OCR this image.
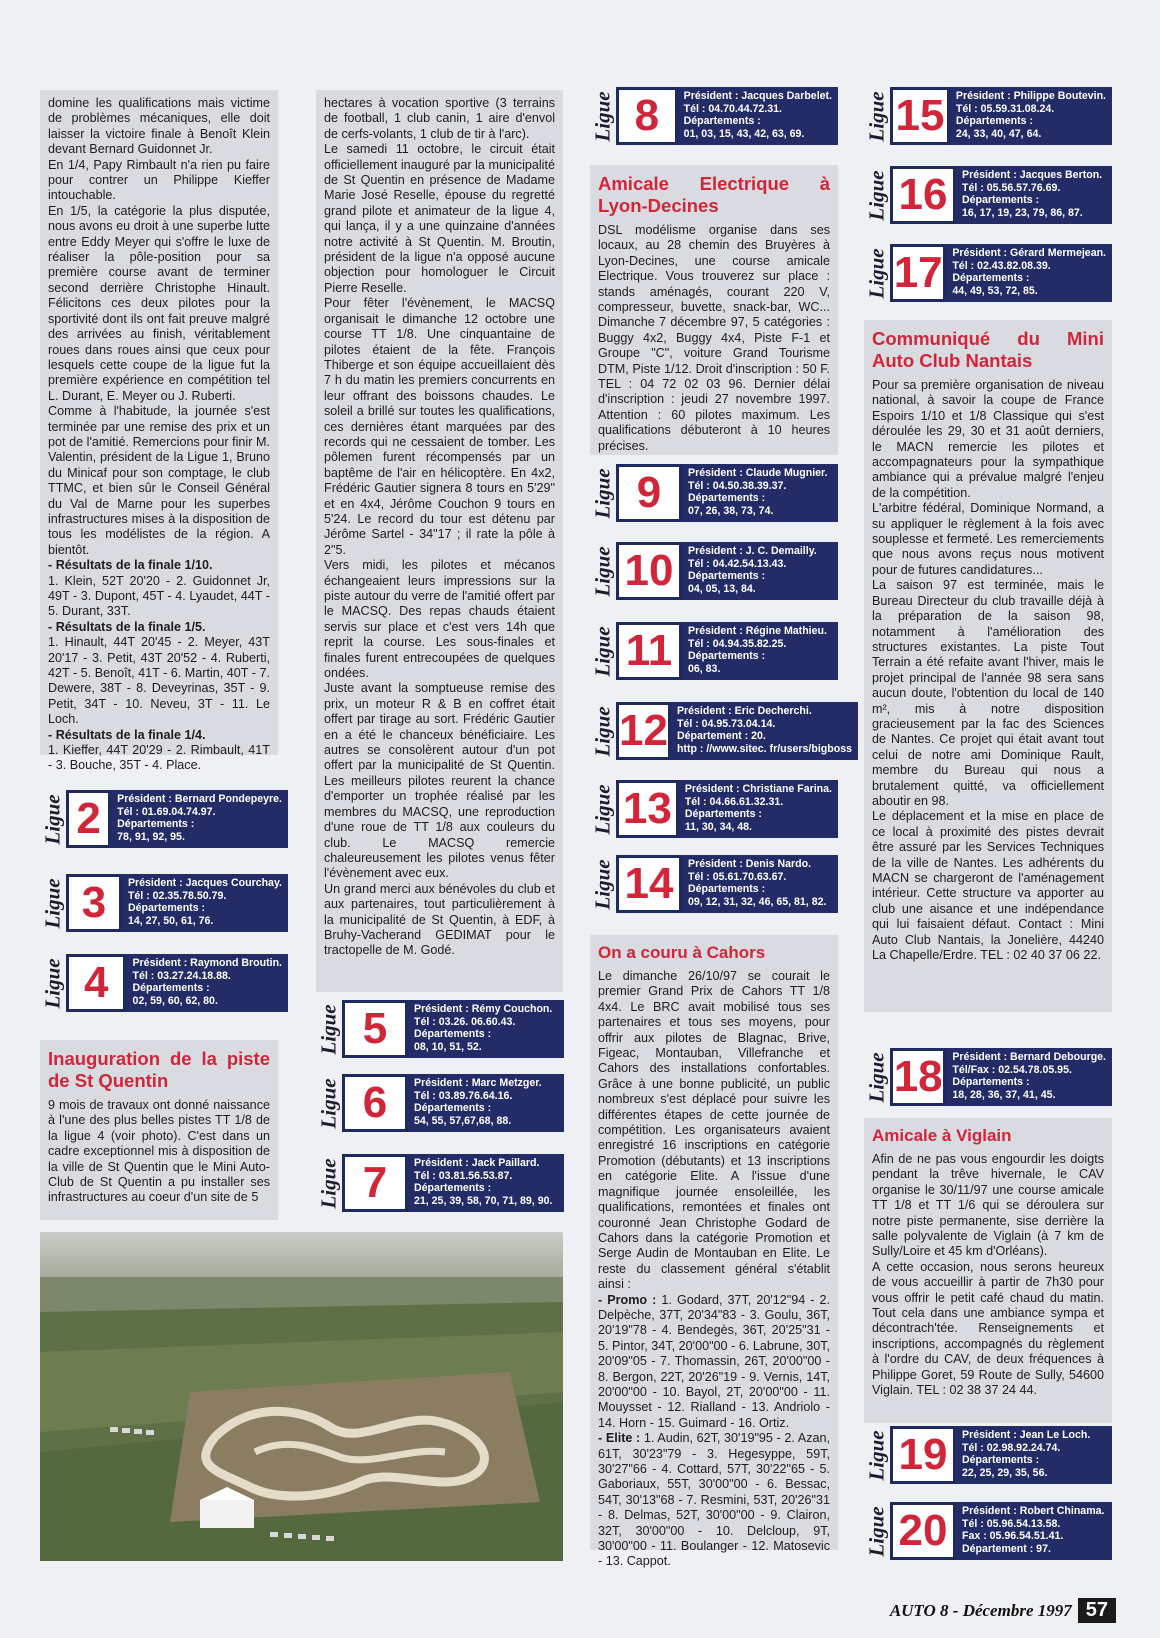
domine les qualifications mais victime de problèmes mécaniques, elle doit laisser la victoire finale à Benoît Klein devant Bernard Guidonnet Jr.

En 1/4, Papy Rimbault n'a rien pu faire pour contrer un Philippe Kieffer intouchable.

En 1/5, la catégorie la plus disputée, nous avons eu droit à une superbe lutte entre Eddy Meyer qui s'offre le luxe de réaliser la pôle-position pour sa première course avant de terminer second derrière Christophe Hinault. Félicitons ces deux pilotes pour la sportivité dont ils ont fait preuve malgré des arrivées au finish, véritablement roues dans roues ainsi que ceux pour lesquels cette coupe de la ligue fut la première expérience en compétition tel L. Durant, E. Meyer ou J. Ruberti.

Comme à l'habitude, la journée s'est terminée par une remise des prix et un pot de l'amitié. Remercions pour finir M. Valentin, président de la Ligue 1, Bruno du Minicaf pour son comptage, le club TTMC, et bien sûr le Conseil Général du Val de Marne pour les superbes infrastructures mises à la disposition de tous les modélistes de la région. A bientôt.

- Résultats de la finale 1/10.

1. Klein, 52T 20'20 - 2. Guidonnet Jr, 49T - 3. Dupont, 45T - 4. Lyaudet, 44T - 5. Durant, 33T.

- Résultats de la finale 1/5.

1. Hinault, 44T 20'45 - 2. Meyer, 43T 20'17 - 3. Petit, 43T 20'52 - 4. Ruberti, 42T - 5. Benoît, 41T - 6. Martin, 40T - 7. Dewere, 38T - 8. Deveyrinas, 35T - 9. Petit, 34T - 10. Neveu, 3T - 11. Le Loch.

- Résultats de la finale 1/4.

1. Kieffer, 44T 20'29 - 2. Rimbault, 41T - 3. Bouche, 35T - 4. Place.

Inauguration de la piste de St Quentin

9 mois de travaux ont donné naissance à l'une des plus belles pistes TT 1/8 de la ligue 4 (voir photo). C'est dans un cadre exceptionnel mis à disposition de la ville de St Quentin que le Mini Auto-Club de St Quentin a pu installer ses infrastructures au coeur d'un site de 5

hectares à vocation sportive (3 terrains de football, 1 club canin, 1 aire d'envol de cerfs-volants, 1 club de tir à l'arc).

Le samedi 11 octobre, le circuit était officiellement inauguré par la municipalité de St Quentin en présence de Madame Marie José Reselle, épouse du regretté grand pilote et animateur de la ligue 4, qui lança, il y a une quinzaine d'années notre activité à St Quentin. M. Broutin, président de la ligue n'a opposé aucune objection pour homologuer le Circuit Pierre Reselle.

Pour fêter l'évènement, le MACSQ organisait le dimanche 12 octobre une course TT 1/8. Une cinquantaine de pilotes étaient de la fête. François Thiberge et son équipe accueillaient dès 7 h du matin les premiers concurrents en leur offrant des boissons chaudes. Le soleil a brillé sur toutes les qualifications, ces dernières étant marquées par des records qui ne cessaient de tomber. Les pôlemen furent récompensés par un baptême de l'air en hélicoptère. En 4x2, Frédéric Gautier signera 8 tours en 5'29" et en 4x4, Jérôme Couchon 9 tours en 5'24. Le record du tour est détenu par Jérôme Sartel - 34"17 ; il rate la pôle à 2"5.

Vers midi, les pilotes et mécanos échangeaient leurs impressions sur la piste autour du verre de l'amitié offert par le MACSQ. Des repas chauds étaient servis sur place et c'est vers 14h que reprit la course. Les sous-finales et finales furent entrecoupées de quelques ondées.

Juste avant la somptueuse remise des prix, un moteur R & B en coffret était offert par tirage au sort. Frédéric Gautier en a été le chanceux bénéficiaire. Les autres se consolèrent autour d'un pot offert par la municipalité de St Quentin. Les meilleurs pilotes reurent la chance d'emporter un trophée réalisé par les membres du MACSQ, une reproduction d'une roue de TT 1/8 aux couleurs du club. Le MACSQ remercie chaleureusement les pilotes venus fêter l'évènement avec eux.

Un grand merci aux bénévoles du club et aux partenaires, tout particulièrement à la municipalité de St Quentin, à EDF, à Bruhy-Vacherand GEDIMAT pour le tractopelle de M. Godé.

Amicale Electrique à Lyon-Decines

DSL modélisme organise dans ses locaux, au 28 chemin des Bruyères à Lyon-Decines, une course amicale Electrique. Vous trouverez sur place : stands aménagés, courant 220 V, compresseur, buvette, snack-bar, WC... Dimanche 7 décembre 97, 5 catégories : Buggy 4x2, Buggy 4x4, Piste F-1 et Groupe "C", voiture Grand Tourisme DTM, Piste 1/12. Droit d'inscription : 50 F. TEL : 04 72 02 03 96. Dernier délai d'inscription : jeudi 27 novembre 1997. Attention : 60 pilotes maximum. Les qualifications débuteront à 10 heures précises.

On a couru à Cahors

Le dimanche 26/10/97 se courait le premier Grand Prix de Cahors TT 1/8 4x4. Le BRC avait mobilisé tous ses partenaires et tous ses moyens, pour offrir aux pilotes de Blagnac, Brive, Figeac, Montauban, Villefranche et Cahors des installations confortables. Grâce à une bonne publicité, un public nombreux s'est déplacé pour suivre les différentes étapes de cette journée de compétition. Les organisateurs avaient enregistré 16 inscriptions en catégorie Promotion (débutants) et 13 inscriptions en catégorie Elite. A l'issue d'une magnifique journée ensoleillée, les qualifications, remontées et finales ont couronné Jean Christophe Godard de Cahors dans la catégorie Promotion et Serge Audin de Montauban en Elite. Le reste du classement général s'établit ainsi :

- Promo : 1. Godard, 37T, 20'12"94 - 2. Delpèche, 37T, 20'34"83 - 3. Goulu, 36T, 20'19"78 - 4. Bendegès, 36T, 20'25"31 - 5. Pintor, 34T, 20'00"00 - 6. Labrune, 30T, 20'09"05 - 7. Thomassin, 26T, 20'00"00 - 8. Bergon, 22T, 20'26"19 - 9. Vernis, 14T, 20'00"00 - 10. Bayol, 2T, 20'00"00 - 11. Mouysset - 12. Rialland - 13. Andriolo - 14. Horn - 15. Guimard - 16. Ortiz.

- Elite : 1. Audin, 62T, 30'19"95 - 2. Azan, 61T, 30'23"79 - 3. Hegesyppe, 59T, 30'27"66 - 4. Cottard, 57T, 30'22"65 - 5. Gaboriaux, 55T, 30'00"00 - 6. Bessac, 54T, 30'13"68 - 7. Resmini, 53T, 20'26"31 - 8. Delmas, 52T, 30'00"00 - 9. Clairon, 32T, 30'00"00 - 10. Delcloup, 9T, 30'00"00 - 11. Boulanger - 12. Matosevic - 13. Cappot.

Communiqué du Mini Auto Club Nantais

Pour sa première organisation de niveau national, à savoir la coupe de France Espoirs 1/10 et 1/8 Classique qui s'est déroulée les 29, 30 et 31 août derniers, le MACN remercie les pilotes et accompagnateurs pour la sympathique ambiance qui a prévalue malgré l'enjeu de la compétition.

L'arbitre fédéral, Dominique Normand, a su appliquer le règlement à la fois avec souplesse et fermeté. Les remerciements que nous avons reçus nous motivent pour de futures candidatures...

La saison 97 est terminée, mais le Bureau Directeur du club travaille déjà à la préparation de la saison 98, notamment à l'amélioration des structures existantes. La piste Tout Terrain a été refaite avant l'hiver, mais le projet principal de l'année 98 sera sans aucun doute, l'obtention du local de 140 m², mis à notre disposition gracieusement par la fac des Sciences de Nantes. Ce projet qui était avant tout celui de notre ami Dominique Rault, membre du Bureau qui nous a brutalement quitté, va officiellement aboutir en 98.

Le déplacement et la mise en place de ce local à proximité des pistes devrait être assuré par les Services Techniques de la ville de Nantes. Les adhérents du MACN se chargeront de l'aménagement intérieur. Cette structure va apporter au club une aisance et une indépendance qui lui faisaient défaut. Contact : Mini Auto Club Nantais, la Jonelière, 44240 La Chapelle/Erdre. TEL : 02 40 37 06 22.

Amicale à Viglain

Afin de ne pas vous engourdir les doigts pendant la trêve hivernale, le CAV organise le 30/11/97 une course amicale TT 1/8 et TT 1/6 qui se déroulera sur notre piste permanente, sise derrière la salle polyvalente de Viglain (à 7 km de Sully/Loire et 45 km d'Orléans).

A cette occasion, nous serons heureux de vous accueillir à partir de 7h30 pour vous offrir le petit café chaud du matin. Tout cela dans une ambiance sympa et décontrach'tée. Renseignements et inscriptions, accompagnés du règlement à l'ordre du CAV, de deux fréquences à Philippe Goret, 59 Route de Sully, 54600 Viglain. TEL : 02 38 37 24 44.

Ligue 2	Président : Bernard Pondepeyre.
Tél : 01.69.04.74.97.
Départements :
78, 91, 92, 95.
Ligue 3	Président : Jacques Courchay.
Tél : 02.35.78.50.79.
Départements :
14, 27, 50, 61, 76.
Ligue 4	Président : Raymond Broutin.
Tél : 03.27.24.18.88.
Départements :
02, 59, 60, 62, 80.
Ligue 5	Président : Rémy Couchon.
Tél : 03.26. 06.60.43.
Départements :
08, 10, 51, 52.
Ligue 6	Président : Marc Metzger.
Tél : 03.89.76.64.16.
Départements :
54, 55, 57,67,68, 88.
Ligue 7	Président : Jack Paillard.
Tél : 03.81.56.53.87.
Départements :
21, 25, 39, 58, 70, 71, 89, 90.
Ligue 8	Président : Jacques Darbelet.
Tél : 04.70.44.72.31.
Départements :
01, 03, 15, 43, 42, 63, 69.
Ligue 9	Président : Claude Mugnier.
Tél : 04.50.38.39.37.
Départements :
07, 26, 38, 73, 74.
Ligue 10	Président : J. C. Demailly.
Tél : 04.42.54.13.43.
Départements :
04, 05, 13, 84.
Ligue 11	Président : Régine Mathieu.
Tél : 04.94.35.82.25.
Départements :
06, 83.
Ligue 12 Président : Eric Decherchi.
Tél : 04.95.73.04.14.
Département : 20.
http : //www.sitec. fr/users/bigboss
Ligue 13	Président : Christiane Farina.
Tél : 04.66.61.32.31.
Départements :
11, 30, 34, 48.
Ligue 14	Président : Denis Nardo.
Tél : 05.61.70.63.67.
Départements :
09, 12, 31, 32, 46, 65, 81, 82.
Ligue 15	Président : Philippe Boutevin.
Tél : 05.59.31.08.24.
Départements :
24, 33, 40, 47, 64.
Ligue 16	Président : Jacques Berton.
Tél : 05.56.57.76.69.
Départements :
16, 17, 19, 23, 79, 86, 87.
Ligue 17 Président : Gérard Mermejean.
Tél : 02.43.82.08.39.
Départements :
44, 49, 53, 72, 85.
Ligue 18 Président : Bernard Debourge.
Tél/Fax : 02.54.78.05.95.
Départements :
18, 28, 36, 37, 41, 45.
Ligue 19	Président : Jean Le Loch.
Tél : 02.98.92.24.74.
Départements :
22, 25, 29, 35, 56.
Ligue 20	Président : Robert Chinama.
Tél : 05.96.54.13.58.
Fax : 05.96.54.51.41.
Département : 97.
AUTO 8 - Décembre 1997 57
